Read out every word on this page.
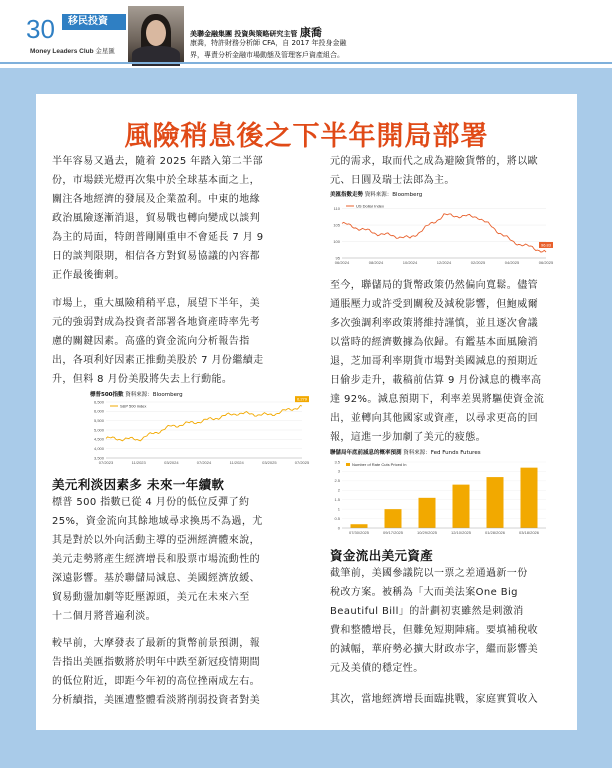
30	移民投資
Money Leaders Club 金星匯
美聯金融集團 投資與策略研究主管 康喬
康喬，特許財務分析師 CFA，自 2017 年投身金融
界，專責分析金融市場動態及管理客戶資產組合。
風險稍息後之下半年開局部署

半年容易又過去，隨着 2025 年踏入第二半部

份，市場鎂光燈再次集中於全球基本面之上，

關注各地經濟的發展及企業盈利。中東的地緣

政治風險逐漸消退，貿易戰也轉向變成以談判

為主的局面，特朗普剛剛重申不會延長 7 月 9

日的談判限期，相信各方對貿易協議的內容都

正作最後衝刺。

市場上，重大風險稍稍平息，展望下半年，美

元的強弱對成為投資者部署各地資產時率先考

慮的關鍵因素。高盛的資金流向分析報告指

出，各項利好因素正推動美股於 7 月份繼續走

升，但料 8 月份美股將失去上行動能。

標普500指數 資料來源：Bloomberg
3,500
4,000
4,500
5,000
5,500
6,000
6,500
07/2023	11/2023	03/2024	07/2024	11/2024	03/2025	07/2025
S&P 500 index
6,279

美元利淡因素多 未來一年續軟

標普 500 指數已從 4 月份的低位反彈了約

25%，資金流向其餘地域尋求換馬不為過，尤

其是對於以外向活動主導的亞洲經濟體來說，

美元走勢將產生經濟增長和股票市場流動性的

深遠影響。基於聯儲局減息、美國經濟放緩、

貿易動盪加劇等貶壓源頭，美元在未來六至

十二個月將普遍利淡。

較早前，大摩發表了最新的貨幣前景預測，報

告指出美匯指數將於明年中跌至新冠疫情期間

的低位附近，即距今年初的高位挫兩成左右。

分析續指，美匯遭整體看淡將削弱投資者對美

元的需求，取而代之成為避險貨幣的，將以歐

元、日圓及瑞士法郎為主。

美匯指數走勢 資料來源：Bloomberg
95
100
105
110
06/2024	08/2024	10/2024	12/2024	02/2025	04/2025	06/2025
US Dollar Index
96.83

至今，聯儲局的貨幣政策仍然偏向寬鬆。儘管

通脹壓力或許受到關稅及減稅影響，但鮑威爾

多次強調利率政策將維持謹慎，並且逐次會議

以當時的經濟數據為依歸。有鑑基本面風險消

退，芝加哥利率期貨市場對美國減息的預期近

日偷步走升，載稿前估算 9 月份減息的機率高

達 92%。減息預期下，利率差異將驅使資金流

出，並轉向其他國家或資產，以尋求更高的回

報，這進一步加劇了美元的疲態。

聯儲局年底前減息的概率預測 資料來源：Fed Funds Futures
0
0.5
1
1.5
2
2.5
3
3.5
07/30/2025	09/17/2025	10/29/2025	12/10/2025	01/28/2026	03/18/2026
Number of Rate Cuts Priced In

資金流出美元資產

截筆前，美國參議院以一票之差通過新一份

稅改方案。被稱為「大而美法案One Big

Beautiful Bill」的計劃初衷雖然是刺激消

費和整體增長，但難免短期陣痛。要填補稅收

的減幅，華府勢必擴大財政赤字，繼而影響美

元及美債的穩定性。

其次，當地經濟增長面臨挑戰，家庭實質收入
